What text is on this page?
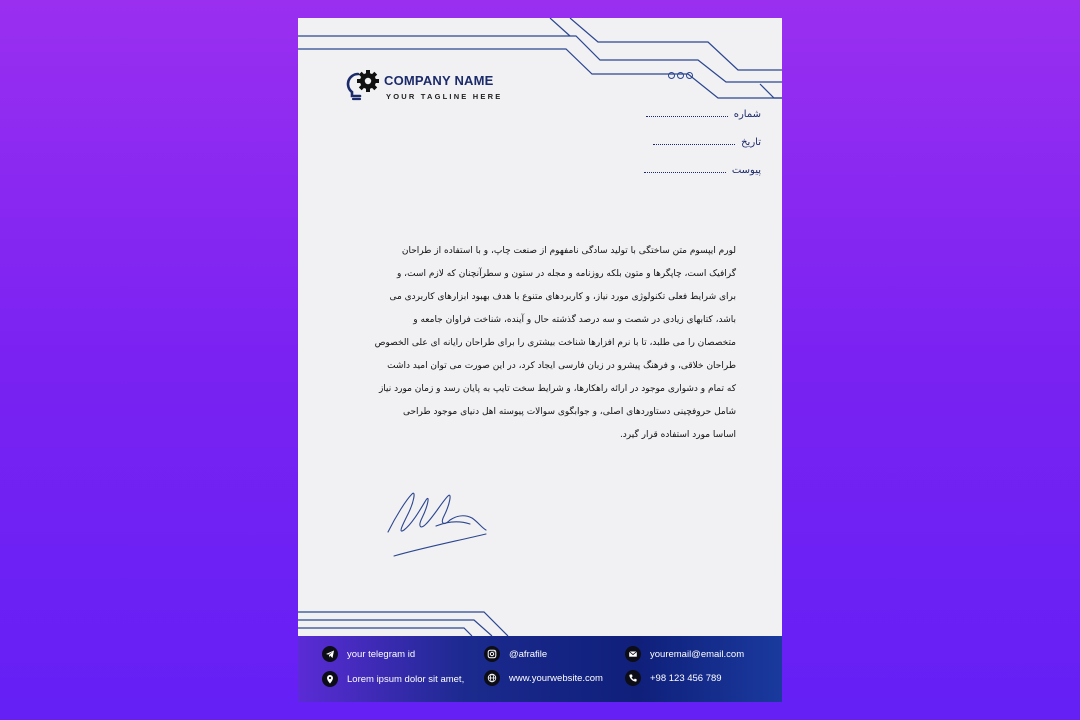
COMPANY NAME
YOUR TAGLINE HERE
شماره
تاریخ
پیوست
لورم ایپسوم متن ساختگی با تولید سادگی نامفهوم از صنعت چاپ، و با استفاده از طراحان
گرافیک است، چاپگرها و متون بلکه روزنامه و مجله در ستون و سطرآنچنان که لازم است، و
برای شرایط فعلی تکنولوژی مورد نیاز، و کاربردهای متنوع با هدف بهبود ابزارهای کاربردی می
باشد، کتابهای زیادی در شصت و سه درصد گذشته حال و آینده، شناخت فراوان جامعه و
متخصصان را می طلبد، تا با نرم افزارها شناخت بیشتری را برای طراحان رایانه ای علی الخصوص
طراحان خلاقی، و فرهنگ پیشرو در زبان فارسی ایجاد کرد، در این صورت می توان امید داشت
که تمام و دشواری موجود در ارائه راهکارها، و شرایط سخت تایپ به پایان رسد و زمان مورد نیاز
شامل حروفچینی دستاوردهای اصلی، و جوابگوی سوالات پیوسته اهل دنیای موجود طراحی
اساسا مورد استفاده قرار گیرد.
your telegram id
Lorem ipsum dolor sit amet,
@afrafile
www.yourwebsite.com
youremail@email.com
+98 123 456 789
